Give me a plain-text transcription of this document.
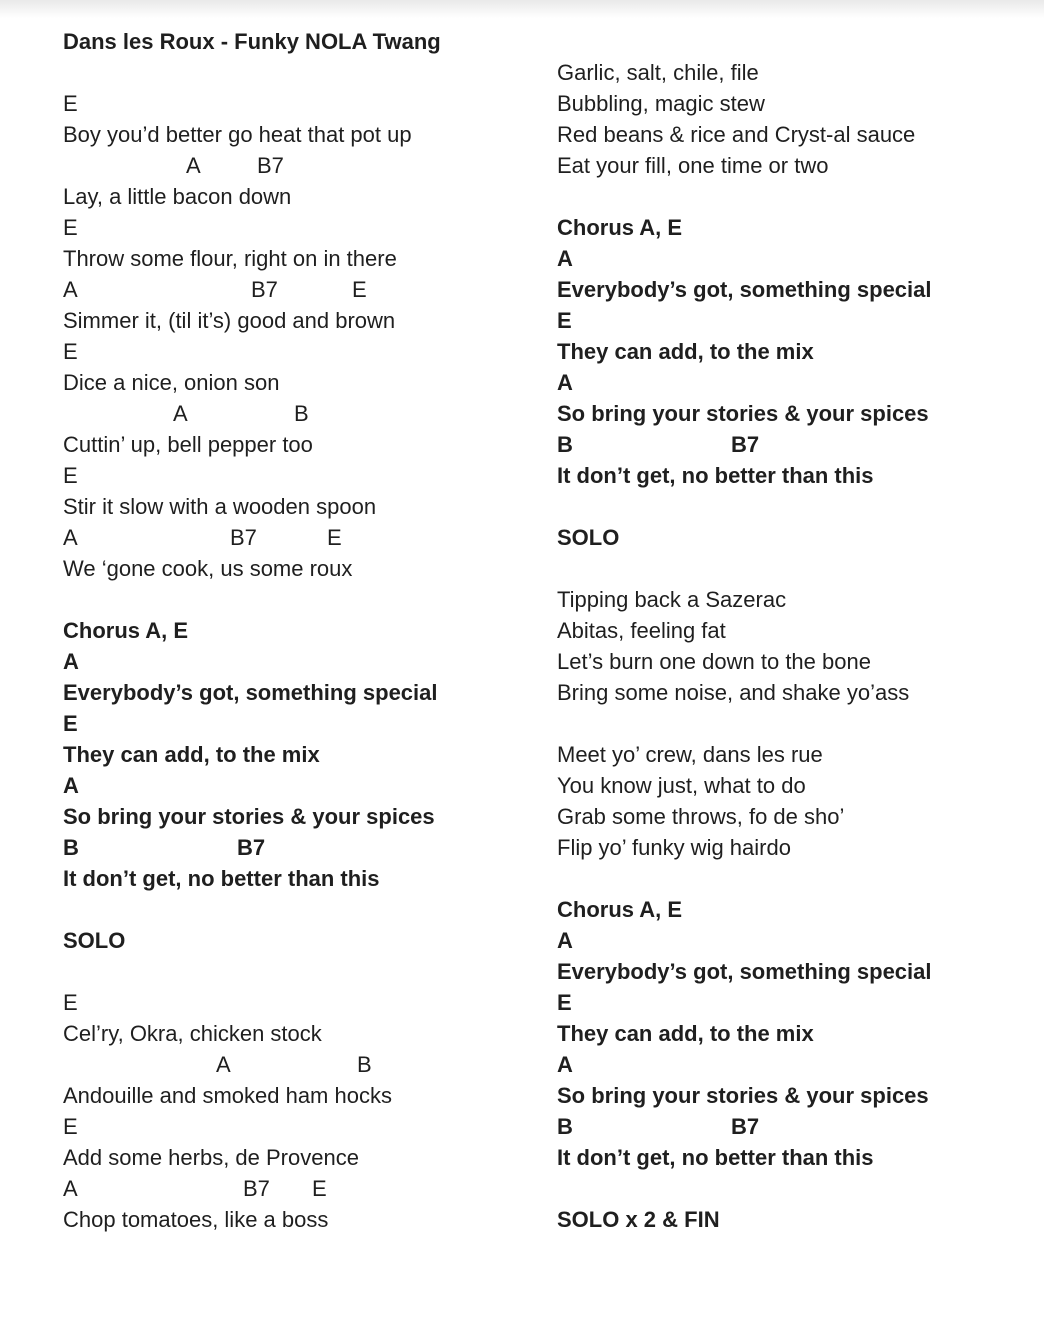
Dans les Roux - Funky NOLA Twang
E
Boy you’d better go heat that pot up

A

	B7

Lay, a little bacon down
E
Throw some flour, right on in there

A

	B7

	E

Simmer it, (til it’s) good and brown
E
Dice a nice, onion son

A

	B

Cuttin’ up, bell pepper too
E
Stir it slow with a wooden spoon

A

	B7

	E

We ‘gone cook, us some roux
Chorus A, E
A
Everybody’s got, something special
E
They can add, to the mix
A
So bring your stories & your spices

B

	B7

It don’t get, no better than this
SOLO
E
Cel’ry, Okra, chicken stock

A

	B

Andouille and smoked ham hocks
E
Add some herbs, de Provence

A

	B7

E

Chop tomatoes, like a boss
Garlic, salt, chile, file
Bubbling, magic stew
Red beans & rice and Cryst-al sauce
Eat your fill, one time or two
Chorus A, E
A
Everybody’s got, something special
E
They can add, to the mix
A
So bring your stories & your spices

B

	B7

It don’t get, no better than this
SOLO
Tipping back a Sazerac
Abitas, feeling fat
Let’s burn one down to the bone
Bring some noise, and shake yo’ass
Meet yo’ crew, dans les rue
You know just, what to do
Grab some throws, fo de sho’
Flip yo’ funky wig hairdo
Chorus A, E
A
Everybody’s got, something special
E
They can add, to the mix
A
So bring your stories & your spices

B

	B7

It don’t get, no better than this
SOLO x 2 & FIN
